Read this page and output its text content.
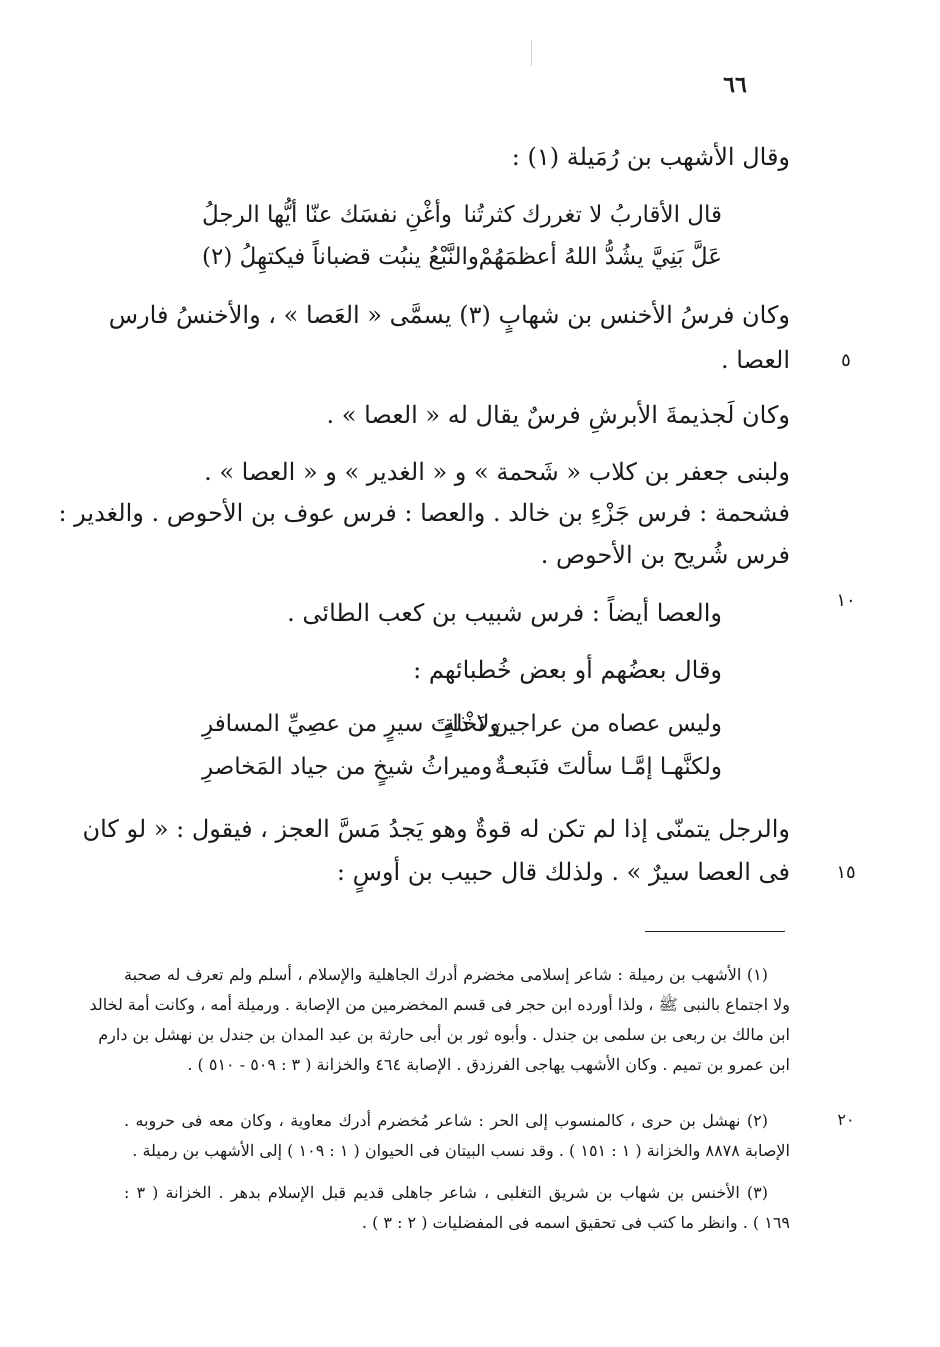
٦٦
وقال الأشهب بن رُمَيلة (١) :
قال الأقاربُ لا تغررك كثرتُنا
وأغْنِ نفسَك عنّا أيُّها الرجلُ
عَلَّ بَنِيَّ يشُدُّ اللهُ أعظمَهُمْ
والنَّبْعُ ينبُت قضباناً فيكتهِلُ (٢)
وكان فرسُ الأخنس بن شهابٍ (٣) يسمَّى « العَصا » ، والأخنسُ فارس
العصا .	٥
وكان لَجذيمةَ الأبرشِ فرسٌ يقال له « العصا » .
ولبنى جعفر بن كلاب « شَحمة » و « الغدير » و « العصا » .
فشحمة : فرس جَزْءِ بن خالد . والعصا : فرس عوف بن الأحوص . والغدير :
فرس شُريح بن الأحوص .
والعصا أيضاً : فرس شبيب بن كعب الطائى .	١٠
وقال بعضُهم أو بعض خُطبائهم :
وليس عصاه من عراجين نَخْلةٍ
ولا ذاتَ سيرٍ من عصِيِّ المسافرِ
ولكنَّهـا إمَّـا سألتَ فنَبعـةٌ
وميراثُ شيخٍ من جياد المَخاصرِ
والرجل يتمنّى إذا لم تكن له قوةٌ وهو يَجدُ مَسَّ العجز ، فيقول : « لو كان
فى العصا سيرٌ » . ولذلك قال حبيب بن أوسٍ :	١٥
(١) الأشهب بن رميلة : شاعر إسلامى مخضرم أدرك الجاهلية والإسلام ، أسلم ولم تعرف له صحبة
ولا اجتماع بالنبى ﷺ ، ولذا أورده ابن حجر فى قسم المخضرمين من الإصابة . ورميلة أمه ، وكانت أمة لخالد
ابن مالك بن ربعى بن سلمى بن جندل . وأبوه ثور بن أبى حارثة بن عبد المدان بن جندل بن نهشل بن دارم
ابن عمرو بن تميم . وكان الأشهب يهاجى الفرزدق . الإصابة ٤٦٤ والخزانة ( ٣ : ٥٠٩ - ٥١٠ ) .
(٢) نهشل بن حرى ، كالمنسوب إلى الحر : شاعر مُخضرم أدرك معاوية ، وكان معه فى حروبه .	٢٠
الإصابة ٨٨٧٨ والخزانة ( ١ : ١٥١ ) . وقد نسب البيتان فى الحيوان ( ١ : ١٠٩ ) إلى الأشهب بن رميلة .
(٣) الأخنس بن شهاب بن شريق التغلبى ، شاعر جاهلى قديم قبل الإسلام بدهر . الخزانة ( ٣ :
١٦٩ ) . وانظر ما كتب فى تحقيق اسمه فى المفضليات ( ٢ : ٣ ) .
